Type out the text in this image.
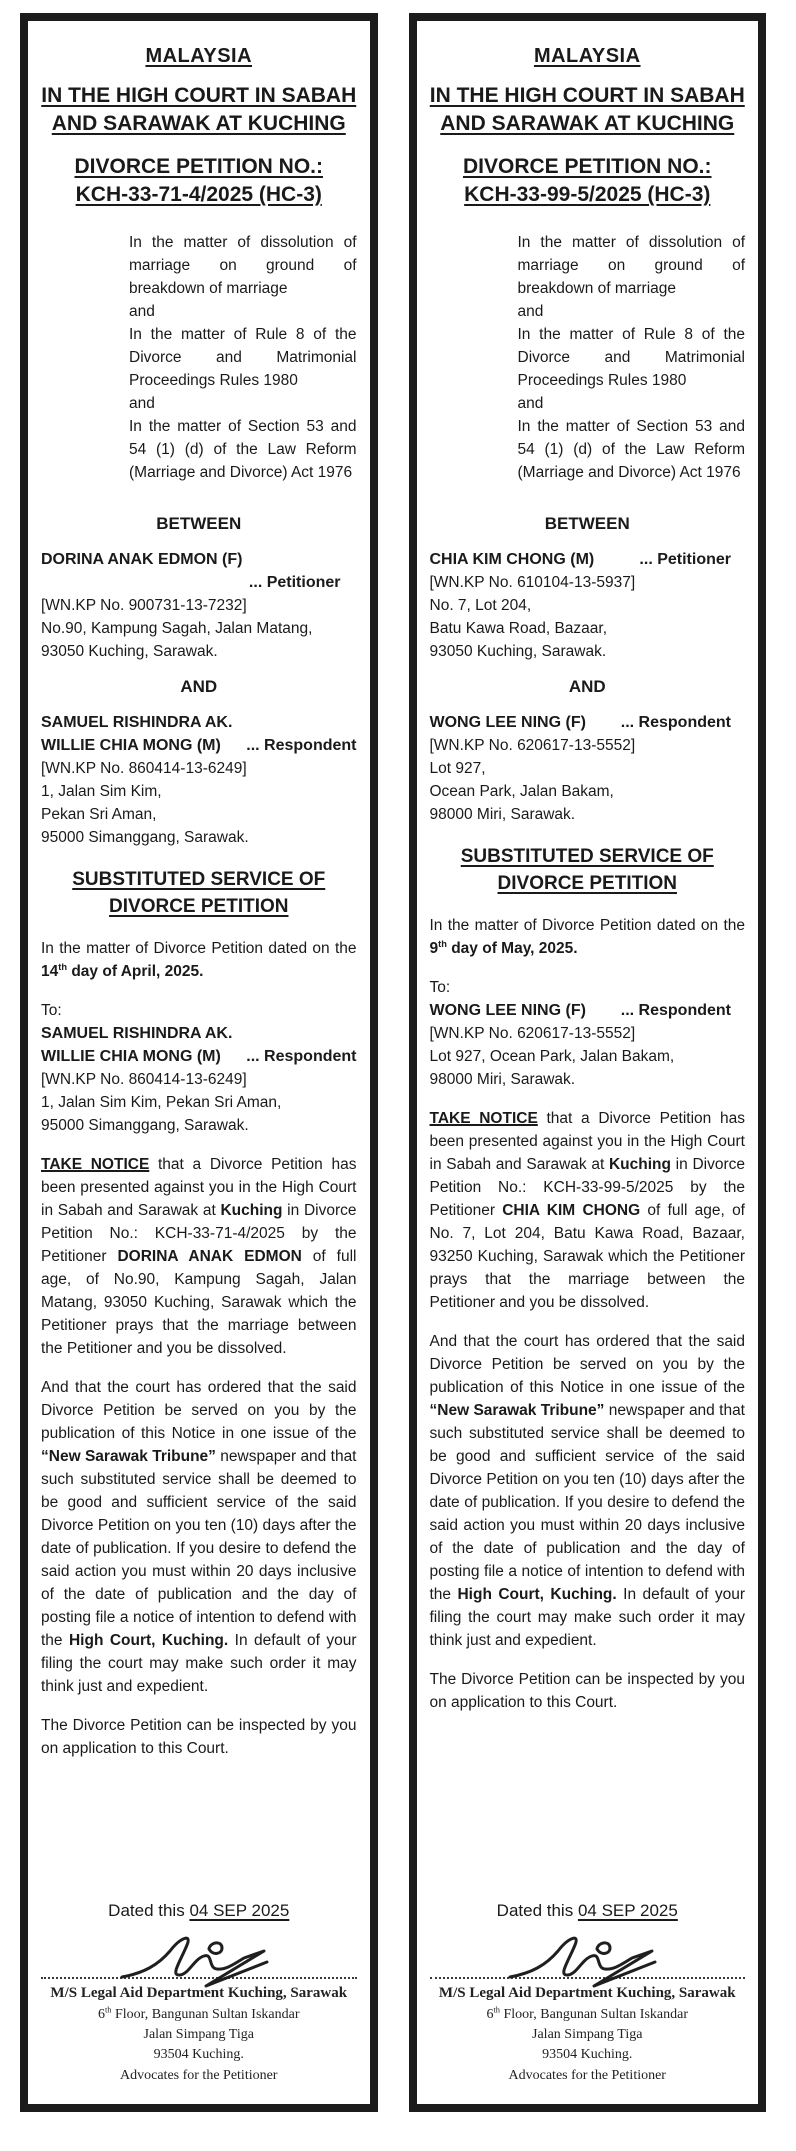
MALAYSIA
IN THE HIGH COURT IN SABAH AND SARAWAK AT KUCHING
DIVORCE PETITION NO.:
KCH-33-71-4/2025 (HC-3)
In the matter of dissolution of marriage on ground of breakdown of marriage
and
In the matter of Rule 8 of the Divorce and Matrimonial Proceedings Rules 1980
and
In the matter of Section 53 and 54 (1) (d) of the Law Reform (Marriage and Divorce) Act 1976
BETWEEN
DORINA ANAK EDMON (F)
... Petitioner
[WN.KP No. 900731-13-7232]
No.90, Kampung Sagah, Jalan Matang,
93050 Kuching, Sarawak.
AND
SAMUEL RISHINDRA AK.
WILLIE CHIA MONG (M) ... Respondent
[WN.KP No. 860414-13-6249]
1, Jalan Sim Kim,
Pekan Sri Aman,
95000 Simanggang, Sarawak.
SUBSTITUTED SERVICE OF DIVORCE PETITION
In the matter of Divorce Petition dated on the 14th day of April, 2025.
To:
SAMUEL RISHINDRA AK.
WILLIE CHIA MONG (M) ... Respondent
[WN.KP No. 860414-13-6249]
1, Jalan Sim Kim, Pekan Sri Aman,
95000 Simanggang, Sarawak.
TAKE NOTICE that a Divorce Petition has been presented against you in the High Court in Sabah and Sarawak at Kuching in Divorce Petition No.: KCH-33-71-4/2025 by the Petitioner DORINA ANAK EDMON of full age, of No.90, Kampung Sagah, Jalan Matang, 93050 Kuching, Sarawak which the Petitioner prays that the marriage between the Petitioner and you be dissolved.
And that the court has ordered that the said Divorce Petition be served on you by the publication of this Notice in one issue of the “New Sarawak Tribune” newspaper and that such substituted service shall be deemed to be good and sufficient service of the said Divorce Petition on you ten (10) days after the date of publication. If you desire to defend the said action you must within 20 days inclusive of the date of publication and the day of posting file a notice of intention to defend with the High Court, Kuching. In default of your filing the court may make such order it may think just and expedient.
The Divorce Petition can be inspected by you on application to this Court.
Dated this 04 SEP 2025
M/S Legal Aid Department Kuching, Sarawak
6th Floor, Bangunan Sultan Iskandar
Jalan Simpang Tiga
93504 Kuching.
Advocates for the Petitioner
MALAYSIA
IN THE HIGH COURT IN SABAH AND SARAWAK AT KUCHING
DIVORCE PETITION NO.:
KCH-33-99-5/2025 (HC-3)
In the matter of dissolution of marriage on ground of breakdown of marriage
and
In the matter of Rule 8 of the Divorce and Matrimonial Proceedings Rules 1980
and
In the matter of Section 53 and 54 (1) (d) of the Law Reform (Marriage and Divorce) Act 1976
BETWEEN
CHIA KIM CHONG (M)	... Petitioner
[WN.KP No. 610104-13-5937]
No. 7, Lot 204,
Batu Kawa Road, Bazaar,
93050 Kuching, Sarawak.
AND
WONG LEE NING (F) ... Respondent
[WN.KP No. 620617-13-5552]
Lot 927,
Ocean Park, Jalan Bakam,
98000 Miri, Sarawak.
SUBSTITUTED SERVICE OF DIVORCE PETITION
In the matter of Divorce Petition dated on the 9th day of May, 2025.
To:
WONG LEE NING (F) ... Respondent
[WN.KP No. 620617-13-5552]
Lot 927, Ocean Park, Jalan Bakam,
98000 Miri, Sarawak.
TAKE NOTICE that a Divorce Petition has been presented against you in the High Court in Sabah and Sarawak at Kuching in Divorce Petition No.: KCH-33-99-5/2025 by the Petitioner CHIA KIM CHONG of full age, of No. 7, Lot 204, Batu Kawa Road, Bazaar, 93250 Kuching, Sarawak which the Petitioner prays that the marriage between the Petitioner and you be dissolved.
And that the court has ordered that the said Divorce Petition be served on you by the publication of this Notice in one issue of the “New Sarawak Tribune” newspaper and that such substituted service shall be deemed to be good and sufficient service of the said Divorce Petition on you ten (10) days after the date of publication. If you desire to defend the said action you must within 20 days inclusive of the date of publication and the day of posting file a notice of intention to defend with the High Court, Kuching. In default of your filing the court may make such order it may think just and expedient.
The Divorce Petition can be inspected by you on application to this Court.
Dated this 04 SEP 2025
M/S Legal Aid Department Kuching, Sarawak
6th Floor, Bangunan Sultan Iskandar
Jalan Simpang Tiga
93504 Kuching.
Advocates for the Petitioner
